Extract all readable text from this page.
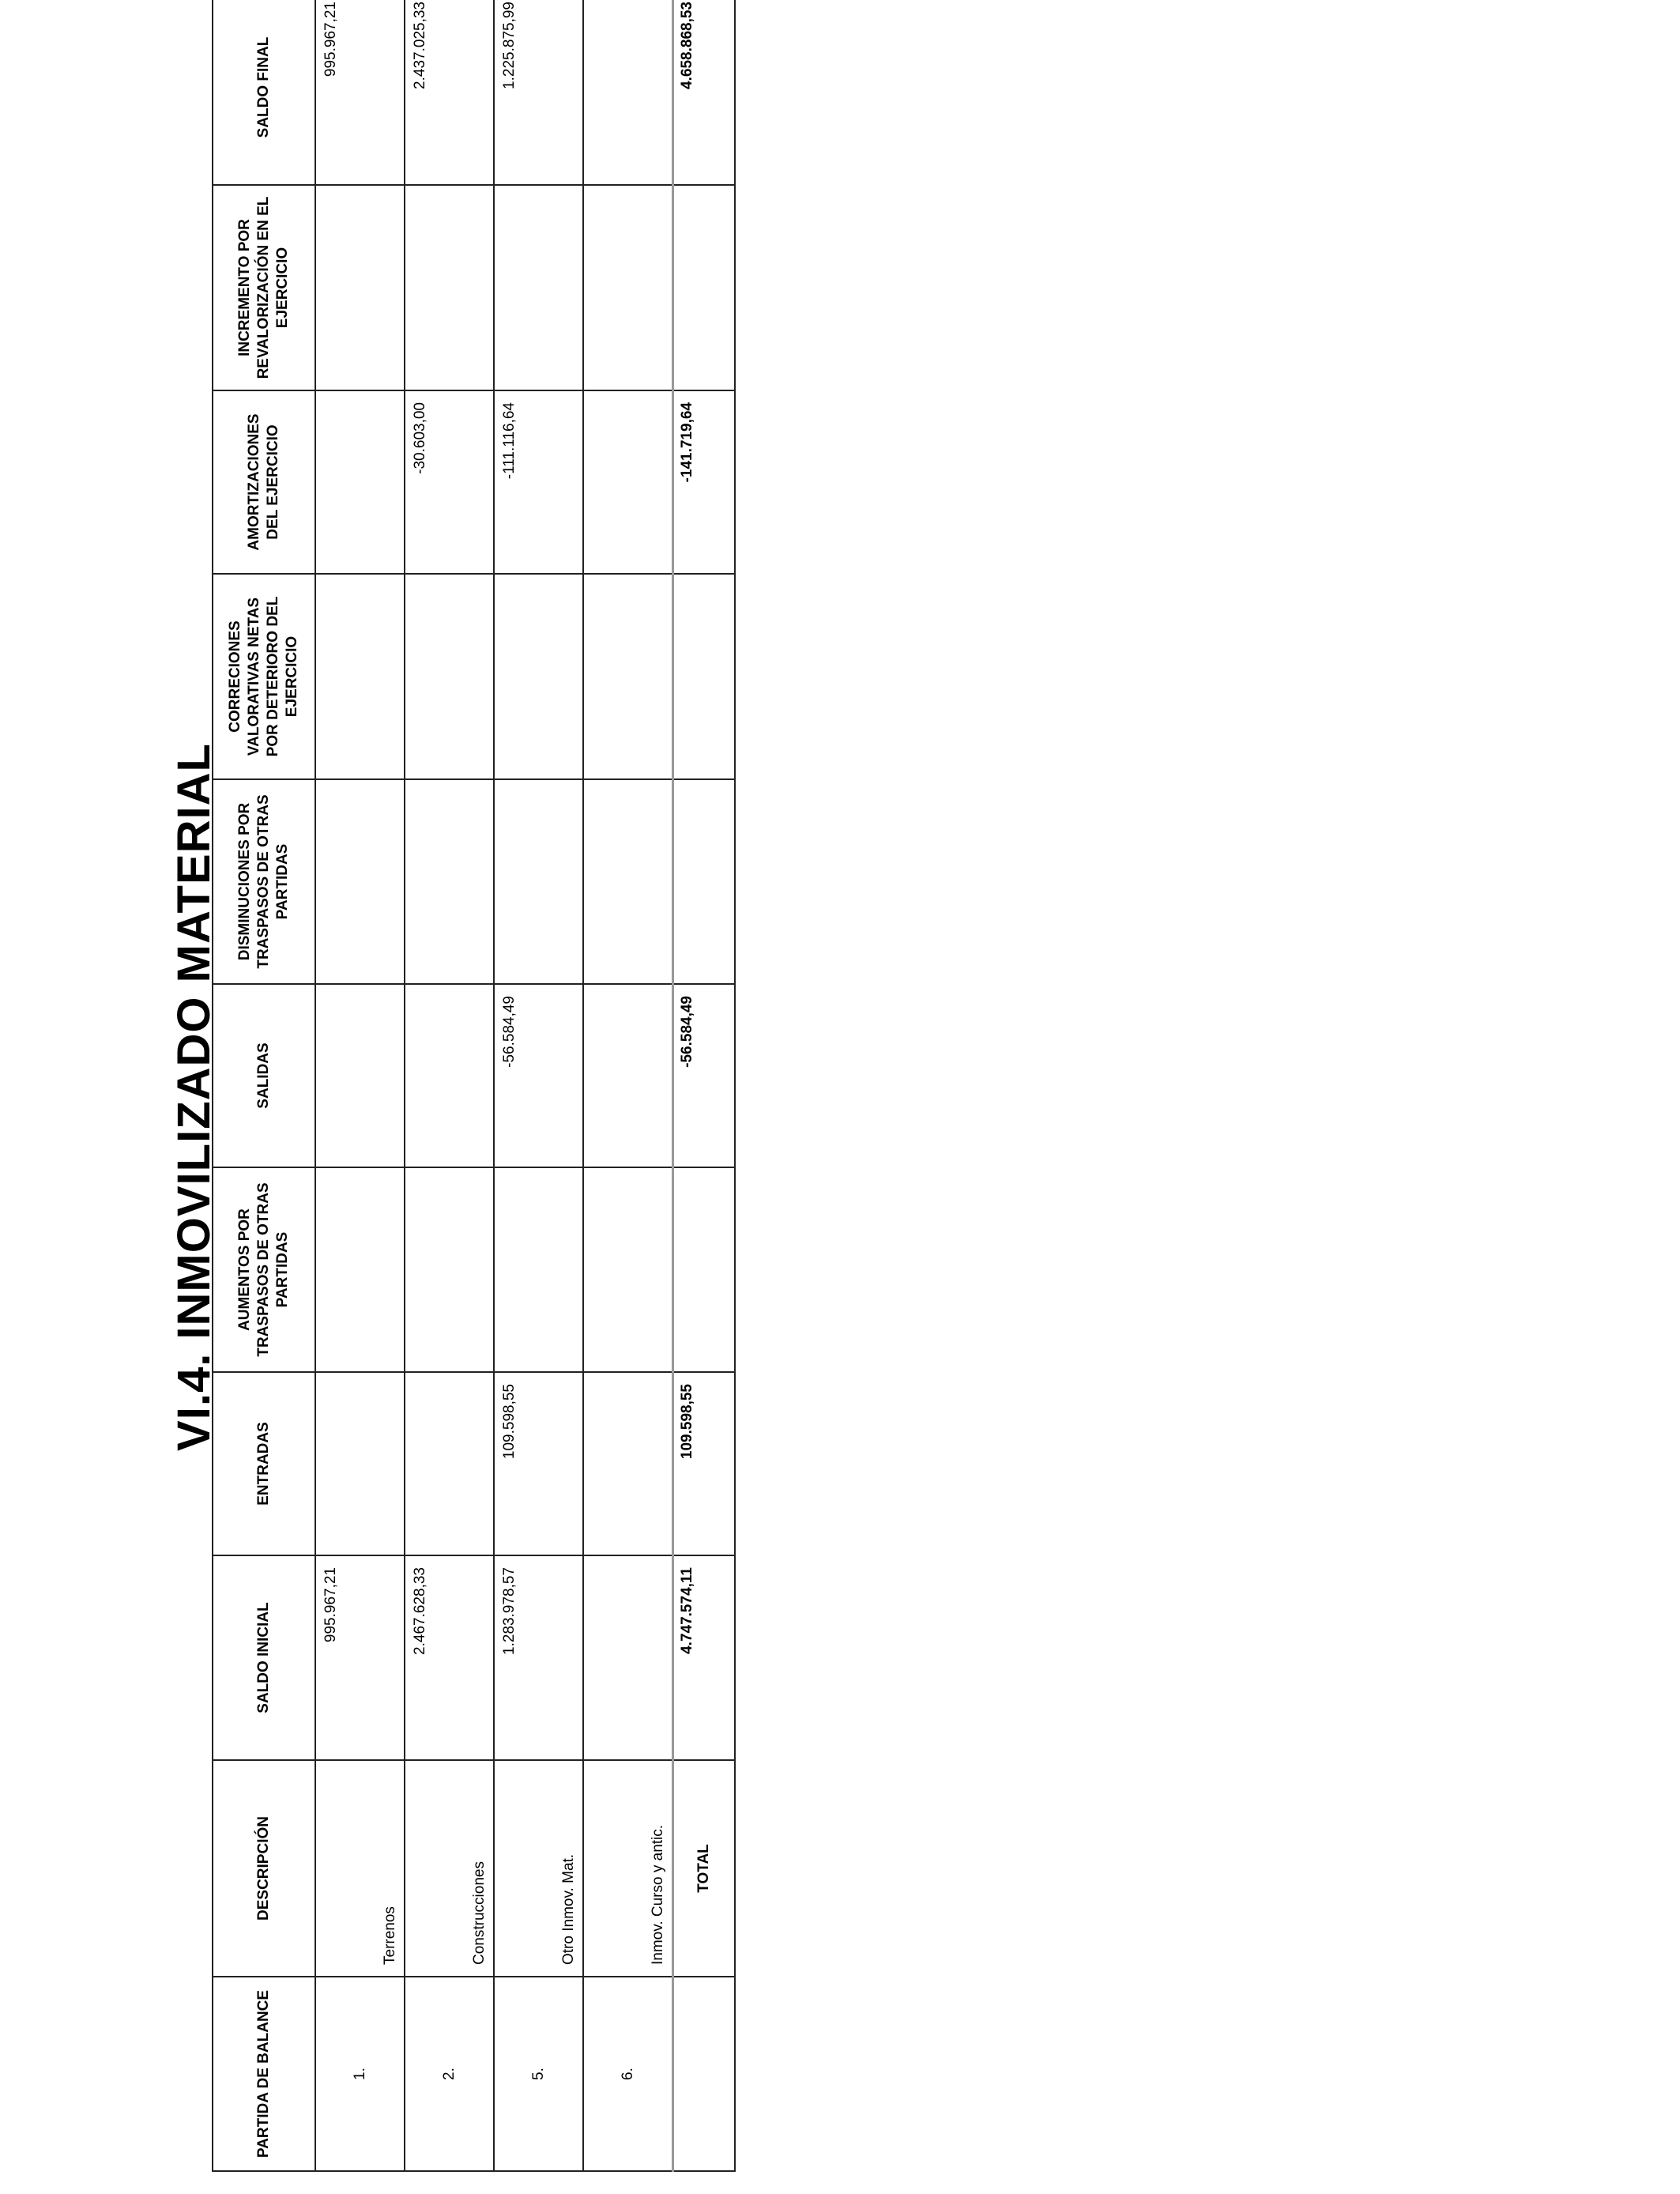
VI.4. INMOVILIZADO MATERIAL
PARTIDA DE BALANCE	DESCRIPCIÓN	SALDO INICIAL	ENTRADAS	AUMENTOS POR TRASPASOS DE OTRAS PARTIDAS	SALIDAS	DISMINUCIONES POR TRASPASOS DE OTRAS PARTIDAS	CORRECIONES VALORATIVAS NETAS POR DETERIORO DEL EJERCICIO	AMORTIZACIONES DEL EJERCICIO	INCREMENTO POR REVALORIZACIÓN EN EL EJERCICIO	SALDO FINAL
1.	Terrenos	995.967,21								995.967,21
2.	Construcciones	2.467.628,33						-30.603,00		2.437.025,33
5.	Otro Inmov. Mat.	1.283.978,57	109.598,55		-56.584,49			-111.116,64		1.225.875,99
6.	Inmov. Curso y antic.									
	TOTAL	4.747.574,11	109.598,55		-56.584,49			-141.719,64		4.658.868,53
